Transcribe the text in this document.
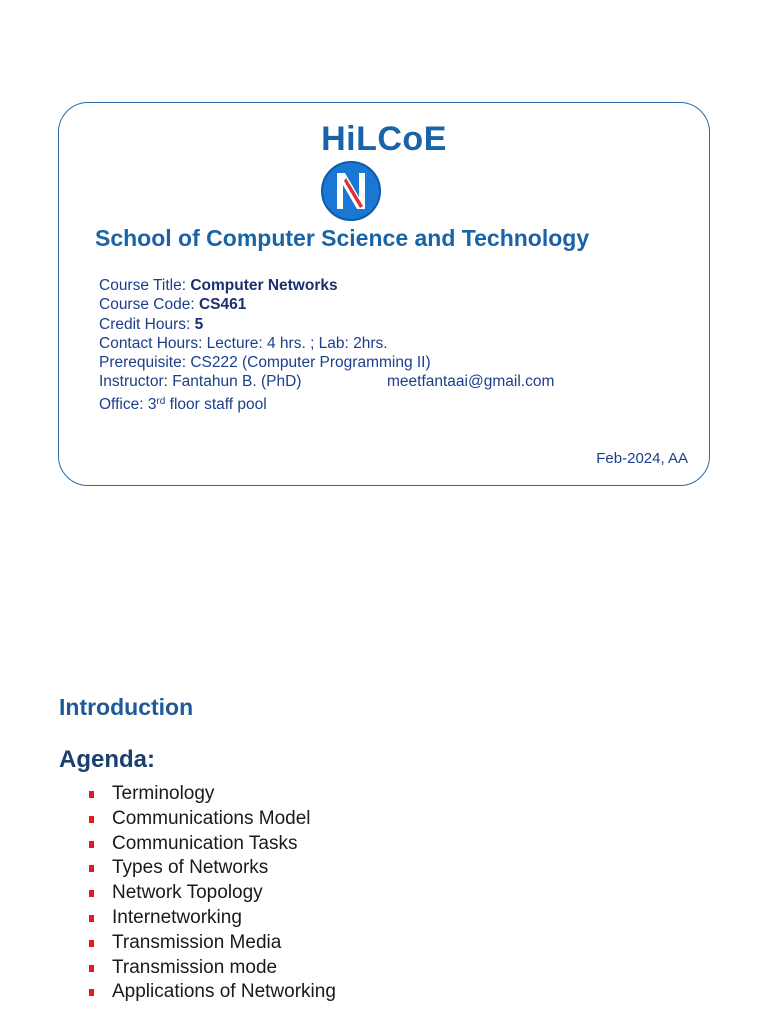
HiLCoE
School of Computer Science and Technology
Course Title: Computer Networks
Course Code: CS461
Credit Hours: 5
Contact Hours: Lecture: 4 hrs. ; Lab: 2hrs.
Prerequisite: CS222 (Computer Programming II)
Instructor: Fantahun B. (PhD)	meetfantaai@gmail.com
Office: 3rd floor staff pool
Feb-2024, AA
Introduction
Agenda:
Terminology
Communications Model
Communication Tasks
Types of Networks
Network Topology
Internetworking
Transmission Media
Transmission mode
Applications of Networking
